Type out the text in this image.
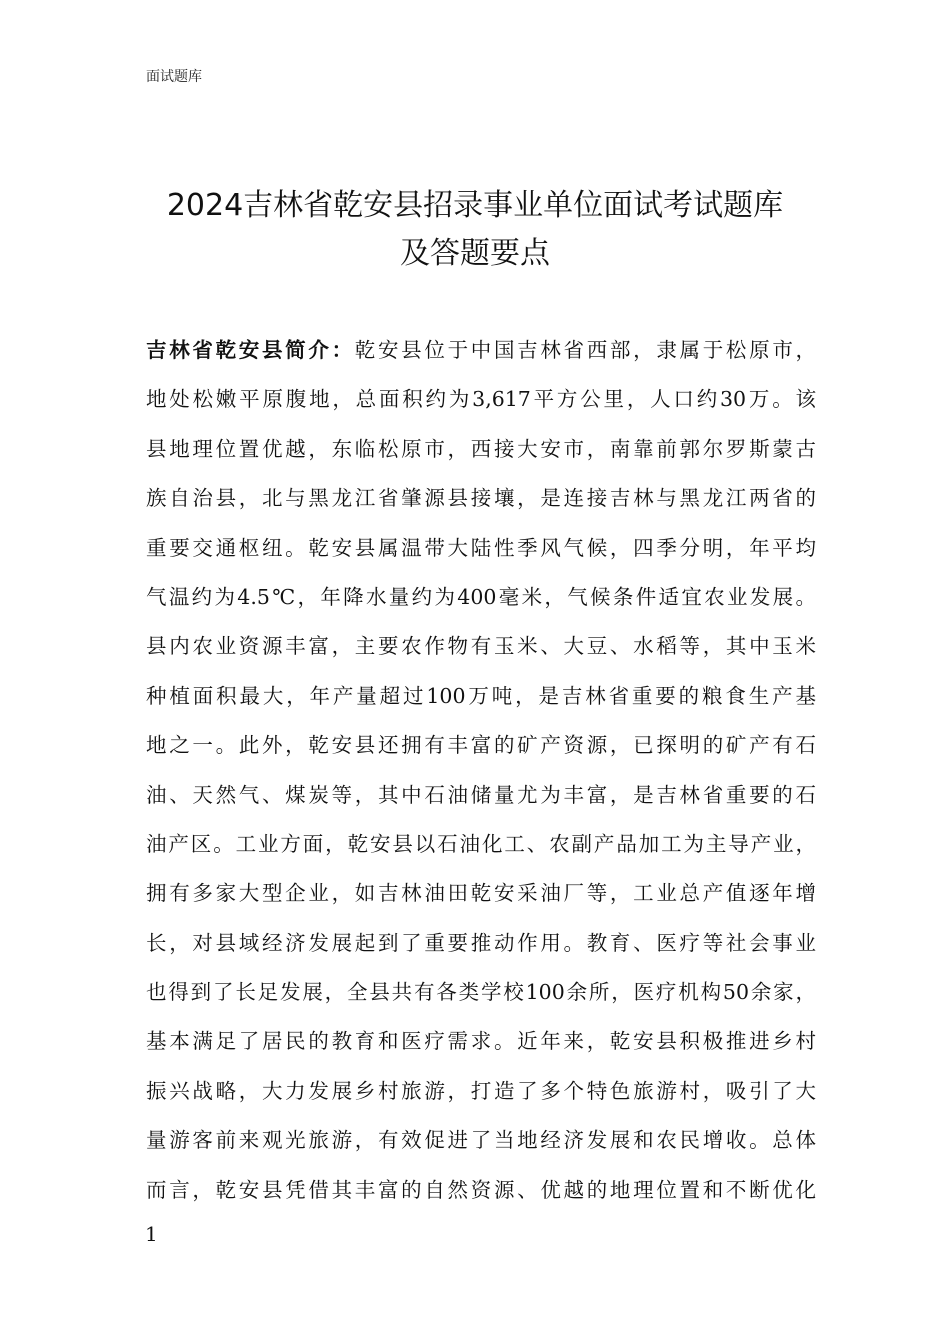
面试题库
2024吉林省乾安县招录事业单位面试考试题库
及答题要点
吉林省乾安县简介：乾安县位于中国吉林省西部，隶属于松原市，
地处松嫩平原腹地，总面积约为3,617平方公里，人口约30万。该
县地理位置优越，东临松原市，西接大安市，南靠前郭尔罗斯蒙古
族自治县，北与黑龙江省肇源县接壤，是连接吉林与黑龙江两省的
重要交通枢纽。乾安县属温带大陆性季风气候，四季分明，年平均
气温约为4.5℃，年降水量约为400毫米，气候条件适宜农业发展。
县内农业资源丰富，主要农作物有玉米、大豆、水稻等，其中玉米
种植面积最大，年产量超过100万吨，是吉林省重要的粮食生产基
地之一。此外，乾安县还拥有丰富的矿产资源，已探明的矿产有石
油、天然气、煤炭等，其中石油储量尤为丰富，是吉林省重要的石
油产区。工业方面，乾安县以石油化工、农副产品加工为主导产业，
拥有多家大型企业，如吉林油田乾安采油厂等，工业总产值逐年增
长，对县域经济发展起到了重要推动作用。教育、医疗等社会事业
也得到了长足发展，全县共有各类学校100余所，医疗机构50余家，
基本满足了居民的教育和医疗需求。近年来，乾安县积极推进乡村
振兴战略，大力发展乡村旅游，打造了多个特色旅游村，吸引了大
量游客前来观光旅游，有效促进了当地经济发展和农民增收。总体
而言，乾安县凭借其丰富的自然资源、优越的地理位置和不断优化
1
